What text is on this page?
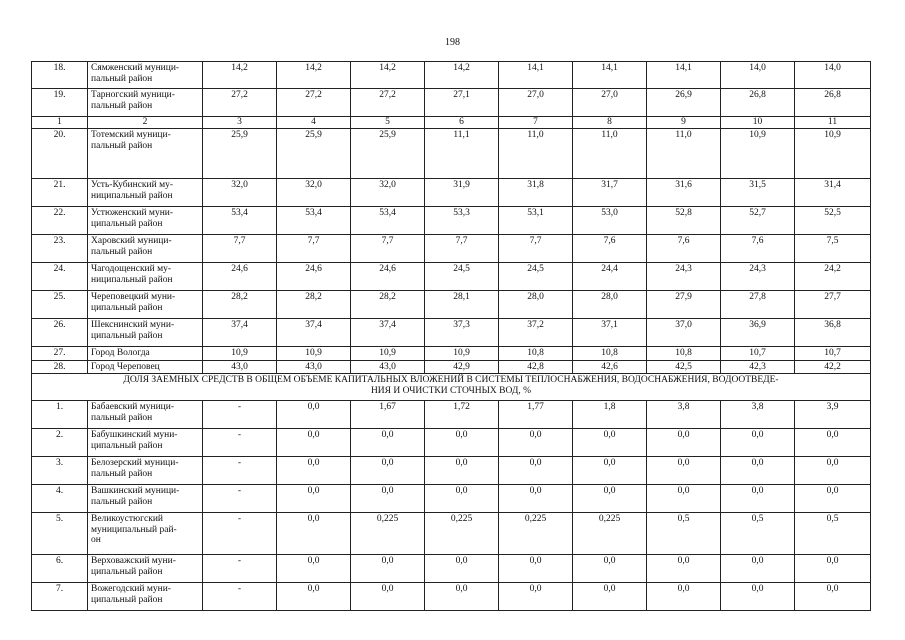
198
18.	Сямженский муници-
пальный район	14,2	14,2	14,2	14,2	14,1	14,1	14,1	14,0	14,0
19.	Тарногский муници-
пальный район	27,2	27,2	27,2	27,1	27,0	27,0	26,9	26,8	26,8
1	2	3	4	5	6	7	8	9	10	11
20.	Тотемский муници-
пальный район	25,9	25,9	25,9	11,1	11,0	11,0	11,0	10,9	10,9
21.	Усть-Кубинский му-
ниципальный район	32,0	32,0	32,0	31,9	31,8	31,7	31,6	31,5	31,4
22.	Устюженский муни-
ципальный район	53,4	53,4	53,4	53,3	53,1	53,0	52,8	52,7	52,5
23.	Харовский муници-
пальный район	7,7	7,7	7,7	7,7	7,7	7,6	7,6	7,6	7,5
24.	Чагодощенский му-
ниципальный район	24,6	24,6	24,6	24,5	24,5	24,4	24,3	24,3	24,2
25.	Череповецкий муни-
ципальный район	28,2	28,2	28,2	28,1	28,0	28,0	27,9	27,8	27,7
26.	Шекснинский муни-
ципальный район	37,4	37,4	37,4	37,3	37,2	37,1	37,0	36,9	36,8
27.	Город Вологда	10,9	10,9	10,9	10,9	10,8	10,8	10,8	10,7	10,7
28.	Город Череповец	43,0	43,0	43,0	42,9	42,8	42,6	42,5	42,3	42,2
ДОЛЯ ЗАЕМНЫХ СРЕДСТВ В ОБЩЕМ ОБЪЕМЕ КАПИТАЛЬНЫХ ВЛОЖЕНИЙ В СИСТЕМЫ ТЕПЛОСНАБЖЕНИЯ, ВОДОСНАБЖЕНИЯ, ВОДООТВЕДЕ-
НИЯ И ОЧИСТКИ СТОЧНЫХ ВОД, %										
1.	Бабаевский муници-
пальный район	-	0,0	1,67	1,72	1,77	1,8	3,8	3,8	3,9
2.	Бабушкинский муни-
ципальный район	-	0,0	0,0	0,0	0,0	0,0	0,0	0,0	0,0
3.	Белозерский муници-
пальный район	-	0,0	0,0	0,0	0,0	0,0	0,0	0,0	0,0
4.	Вашкинский муници-
пальный район	-	0,0	0,0	0,0	0,0	0,0	0,0	0,0	0,0
5.	Великоустюгский
муниципальный рай-
он	-	0,0	0,225	0,225	0,225	0,225	0,5	0,5	0,5
6.	Верховажский муни-
ципальный район	-	0,0	0,0	0,0	0,0	0,0	0,0	0,0	0,0
7.	Вожегодский муни-
ципальный район	-	0,0	0,0	0,0	0,0	0,0	0,0	0,0	0,0
